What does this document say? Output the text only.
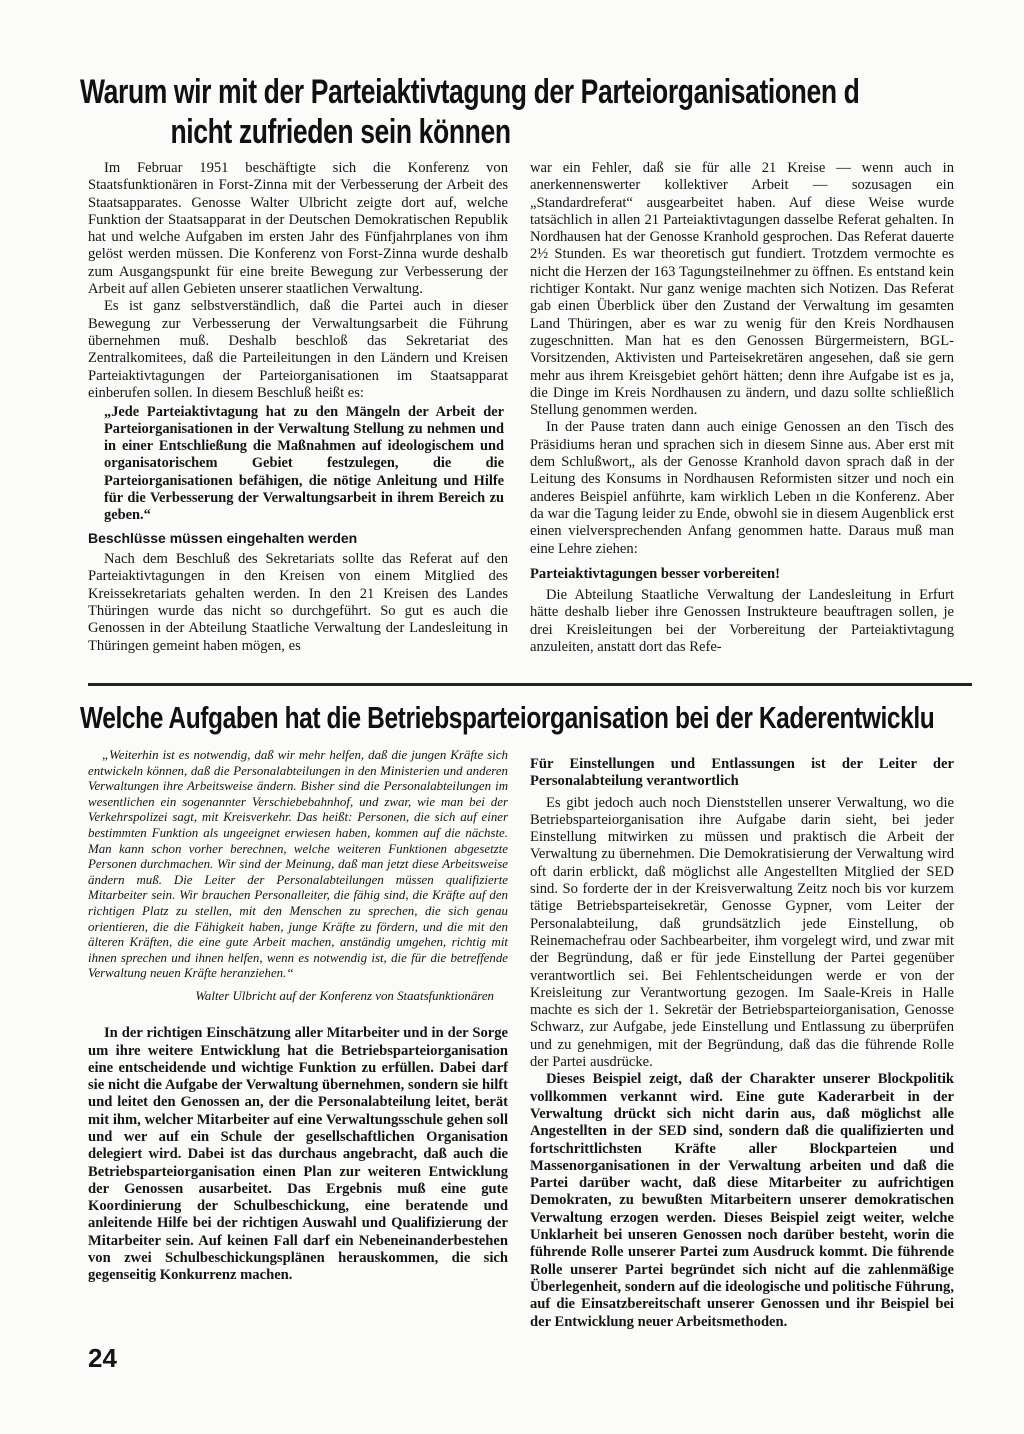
Warum wir mit der Parteiaktivtagung der Parteiorganisationen d
nicht zufrieden sein können

Im Februar 1951 beschäftigte sich die Konferenz von Staatsfunktionären in Forst-Zinna mit der Verbesserung der Arbeit des Staatsapparates. Genosse Walter Ulbricht zeigte dort auf, welche Funktion der Staatsapparat in der Deutschen Demokratischen Republik hat und welche Aufgaben im ersten Jahr des Fünfjahrplanes von ihm gelöst werden müssen. Die Konferenz von Forst-Zinna wurde deshalb zum Ausgangspunkt für eine breite Bewegung zur Verbesserung der Arbeit auf allen Gebieten unserer staatlichen Verwaltung.

Es ist ganz selbstverständlich, daß die Partei auch in dieser Bewegung zur Verbesserung der Verwaltungsarbeit die Führung übernehmen muß. Deshalb beschloß das Sekretariat des Zentralkomitees, daß die Parteileitungen in den Ländern und Kreisen Parteiaktivtagungen der Parteiorganisationen im Staatsapparat einberufen sollen. In diesem Beschluß heißt es:

„Jede Parteiaktivtagung hat zu den Mängeln der Arbeit der Parteiorganisationen in der Verwaltung Stellung zu nehmen und in einer Entschließung die Maßnahmen auf ideologischem und organisatorischem Gebiet festzulegen, die die Parteiorganisationen befähigen, die nötige Anleitung und Hilfe für die Verbesserung der Verwaltungsarbeit in ihrem Bereich zu geben.“

Beschlüsse müssen eingehalten werden

Nach dem Beschluß des Sekretariats sollte das Referat auf den Parteiaktivtagungen in den Kreisen von einem Mitglied des Kreissekretariats gehalten werden. In den 21 Kreisen des Landes Thüringen wurde das nicht so durchgeführt. So gut es auch die Genossen in der Abteilung Staatliche Verwaltung der Landesleitung in Thüringen gemeint haben mögen, es

war ein Fehler, daß sie für alle 21 Kreise — wenn auch in anerkennenswerter kollektiver Arbeit — sozusagen ein „Standardreferat“ ausgearbeitet haben. Auf diese Weise wurde tatsächlich in allen 21 Parteiaktivtagungen dasselbe Referat gehalten. In Nordhausen hat der Genosse Kranhold gesprochen. Das Referat dauerte 2½ Stunden. Es war theoretisch gut fundiert. Trotzdem vermochte es nicht die Herzen der 163 Tagungsteilnehmer zu öffnen. Es entstand kein richtiger Kontakt. Nur ganz wenige machten sich Notizen. Das Referat gab einen Überblick über den Zustand der Verwaltung im gesamten Land Thüringen, aber es war zu wenig für den Kreis Nordhausen zugeschnitten. Man hat es den Genossen Bürgermeistern, BGL-Vorsitzenden, Aktivisten und Parteisekretären angesehen, daß sie gern mehr aus ihrem Kreisgebiet gehört hätten; denn ihre Aufgabe ist es ja, die Dinge im Kreis Nordhausen zu ändern, und dazu sollte schließlich Stellung genommen werden.

In der Pause traten dann auch einige Genossen an den Tisch des Präsidiums heran und sprachen sich in diesem Sinne aus. Aber erst mit dem Schlußwort„ als der Genosse Kranhold davon sprach daß in der Leitung des Konsums in Nordhausen Reformisten sitzer und noch ein anderes Beispiel anführte, kam wirklich Leben ın die Konferenz. Aber da war die Tagung leider zu Ende, obwohl sie in diesem Augenblick erst einen vielversprechenden Anfang genommen hatte. Daraus muß man eine Lehre ziehen:

Parteiaktivtagungen besser vorbereiten!

Die Abteilung Staatliche Verwaltung der Landesleitung in Erfurt hätte deshalb lieber ihre Genossen Instrukteure beauftragen sollen, je drei Kreisleitungen bei der Vorbereitung der Parteiaktivtagung anzuleiten, anstatt dort das Refe-

Welche Aufgaben hat die Betriebsparteiorganisation bei der Kaderentwicklu

„Weiterhin ist es notwendig, daß wir mehr helfen, daß die jungen Kräfte sich entwickeln können, daß die Personalabteilungen in den Ministerien und anderen Verwaltungen ihre Arbeitsweise ändern. Bisher sind die Personalabteilungen im wesentlichen ein sogenannter Verschiebebahnhof, und zwar, wie man bei der Verkehrspolizei sagt, mit Kreisverkehr. Das heißt: Personen, die sich auf einer bestimmten Funktion als ungeeignet erwiesen haben, kommen auf die nächste. Man kann schon vorher berechnen, welche weiteren Funktionen abgesetzte Personen durchmachen. Wir sind der Meinung, daß man jetzt diese Arbeitsweise ändern muß. Die Leiter der Personalabteilungen müssen qualifizierte Mitarbeiter sein. Wir brauchen Personalleiter, die fähig sind, die Kräfte auf den richtigen Platz zu stellen, mit den Menschen zu sprechen, die sich genau orientieren, die die Fähigkeit haben, junge Kräfte zu fördern, und die mit den älteren Kräften, die eine gute Arbeit machen, anständig umgehen, richtig mit ihnen sprechen und ihnen helfen, wenn es notwendig ist, die für die betreffende Verwaltung neuen Kräfte heranziehen.“

Walter Ulbricht auf der Konferenz von Staatsfunktionären

In der richtigen Einschätzung aller Mitarbeiter und in der Sorge um ihre weitere Entwicklung hat die Betriebsparteiorganisation eine entscheidende und wichtige Funktion zu erfüllen. Dabei darf sie nicht die Aufgabe der Verwaltung übernehmen, sondern sie hilft und leitet den Genossen an, der die Personalabteilung leitet, berät mit ihm, welcher Mitarbeiter auf eine Verwaltungsschule gehen soll und wer auf ein Schule der gesellschaftlichen Organisation delegiert wird. Dabei ist das durchaus angebracht, daß auch die Betriebsparteiorganisation einen Plan zur weiteren Entwicklung der Genossen ausarbeitet. Das Ergebnis muß eine gute Koordinierung der Schulbeschickung, eine beratende und anleitende Hilfe bei der richtigen Auswahl und Qualifizierung der Mitarbeiter sein. Auf keinen Fall darf ein Nebeneinanderbestehen von zwei Schulbeschickungsplänen herauskommen, die sich gegenseitig Konkurrenz machen.

Für Einstellungen und Entlassungen ist der Leiter der Personalabteilung verantwortlich

Es gibt jedoch auch noch Dienststellen unserer Verwaltung, wo die Betriebsparteiorganisation ihre Aufgabe darin sieht, bei jeder Einstellung mitwirken zu müssen und praktisch die Arbeit der Verwaltung zu übernehmen. Die Demokratisierung der Verwaltung wird oft darin erblickt, daß möglichst alle Angestellten Mitglied der SED sind. So forderte der in der Kreisverwaltung Zeitz noch bis vor kurzem tätige Betriebsparteisekretär, Genosse Gypner, vom Leiter der Personalabteilung, daß grundsätzlich jede Einstellung, ob Reinemachefrau oder Sachbearbeiter, ihm vorgelegt wird, und zwar mit der Begründung, daß er für jede Einstellung der Partei gegenüber verantwortlich sei. Bei Fehlentscheidungen werde er von der Kreisleitung zur Verantwortung gezogen. Im Saale-Kreis in Halle machte es sich der 1. Sekretär der Betriebsparteiorganisation, Genosse Schwarz, zur Aufgabe, jede Einstellung und Entlassung zu überprüfen und zu genehmigen, mit der Begründung, daß das die führende Rolle der Partei ausdrücke.

Dieses Beispiel zeigt, daß der Charakter unserer Blockpolitik vollkommen verkannt wird. Eine gute Kaderarbeit in der Verwaltung drückt sich nicht darin aus, daß möglichst alle Angestellten in der SED sind, sondern daß die qualifizierten und fortschrittlichsten Kräfte aller Blockparteien und Massenorganisationen in der Verwaltung arbeiten und daß die Partei darüber wacht, daß diese Mitarbeiter zu aufrichtigen Demokraten, zu bewußten Mitarbeitern unserer demokratischen Verwaltung erzogen werden. Dieses Beispiel zeigt weiter, welche Unklarheit bei unseren Genossen noch darüber besteht, worin die führende Rolle unserer Partei zum Ausdruck kommt. Die führende Rolle unserer Partei begründet sich nicht auf die zahlenmäßige Überlegenheit, sondern auf die ideologische und politische Führung, auf die Einsatzbereitschaft unserer Genossen und ihr Beispiel bei der Entwicklung neuer Arbeitsmethoden.

24
